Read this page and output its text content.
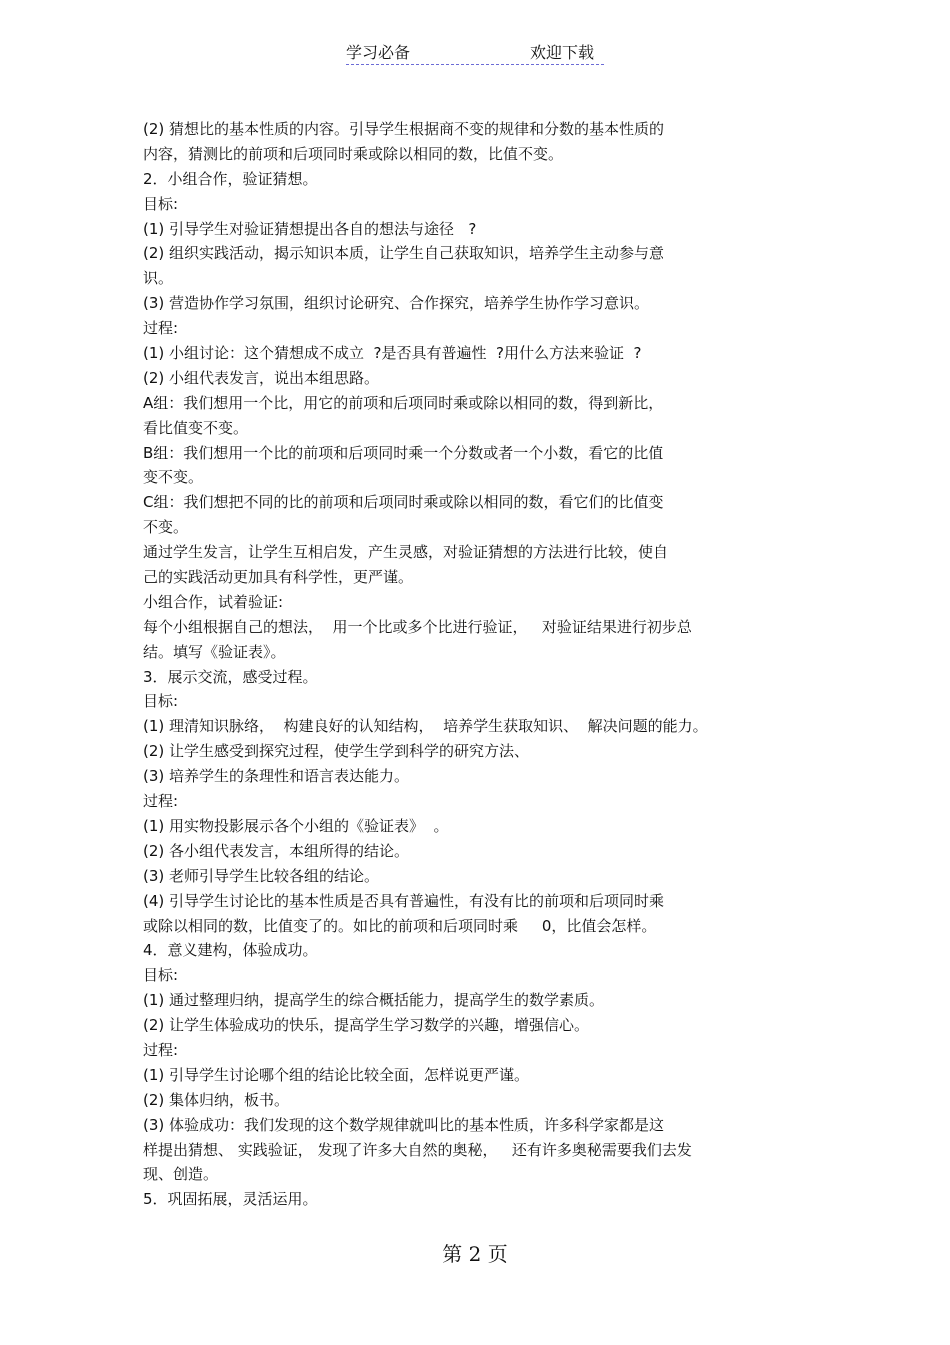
学习必备	欢迎下载
(2) 猜想比的基本性质的内容。引导学生根据商不变的规律和分数的基本性质的
内容，猜测比的前项和后项同时乘或除以相同的数，比值不变。
2．小组合作，验证猜想。
目标:
(1) 引导学生对验证猜想提出各自的想法与途径   ?
(2) 组织实践活动，揭示知识本质，让学生自己获取知识，培养学生主动参与意
识。
(3) 营造协作学习氛围，组织讨论研究、合作探究，培养学生协作学习意识。
过程:
(1) 小组讨论：这个猜想成不成立  ?是否具有普遍性  ?用什么方法来验证  ?
(2) 小组代表发言，说出本组思路。
A组：我们想用一个比，用它的前项和后项同时乘或除以相同的数，得到新比，
看比值变不变。
B组：我们想用一个比的前项和后项同时乘一个分数或者一个小数，看它的比值
变不变。
C组：我们想把不同的比的前项和后项同时乘或除以相同的数，看它们的比值变
不变。
通过学生发言，让学生互相启发，产生灵感，对验证猜想的方法进行比较，使自
己的实践活动更加具有科学性，更严谨。
小组合作，试着验证:
每个小组根据自己的想法，  用一个比或多个比进行验证，   对验证结果进行初步总
结。填写《验证表》。
3．展示交流，感受过程。
目标:
(1) 理清知识脉络，  构建良好的认知结构，  培养学生获取知识、  解决问题的能力。
(2) 让学生感受到探究过程，使学生学到科学的研究方法、
(3) 培养学生的条理性和语言表达能力。
过程:
(1) 用实物投影展示各个小组的《验证表》  。
(2) 各小组代表发言，本组所得的结论。
(3) 老师引导学生比较各组的结论。
(4) 引导学生讨论比的基本性质是否具有普遍性，有没有比的前项和后项同时乘
或除以相同的数，比值变了的。如比的前项和后项同时乘     0，比值会怎样。
4．意义建构，体验成功。
目标:
(1) 通过整理归纳，提高学生的综合概括能力，提高学生的数学素质。
(2) 让学生体验成功的快乐，提高学生学习数学的兴趣，增强信心。
过程:
(1) 引导学生讨论哪个组的结论比较全面，怎样说更严谨。
(2) 集体归纳，板书。
(3) 体验成功：我们发现的这个数学规律就叫比的基本性质，许多科学家都是这
样提出猜想、 实践验证， 发现了许多大自然的奥秘，   还有许多奥秘需要我们去发
现、创造。
5．巩固拓展，灵活运用。
第 2 页
